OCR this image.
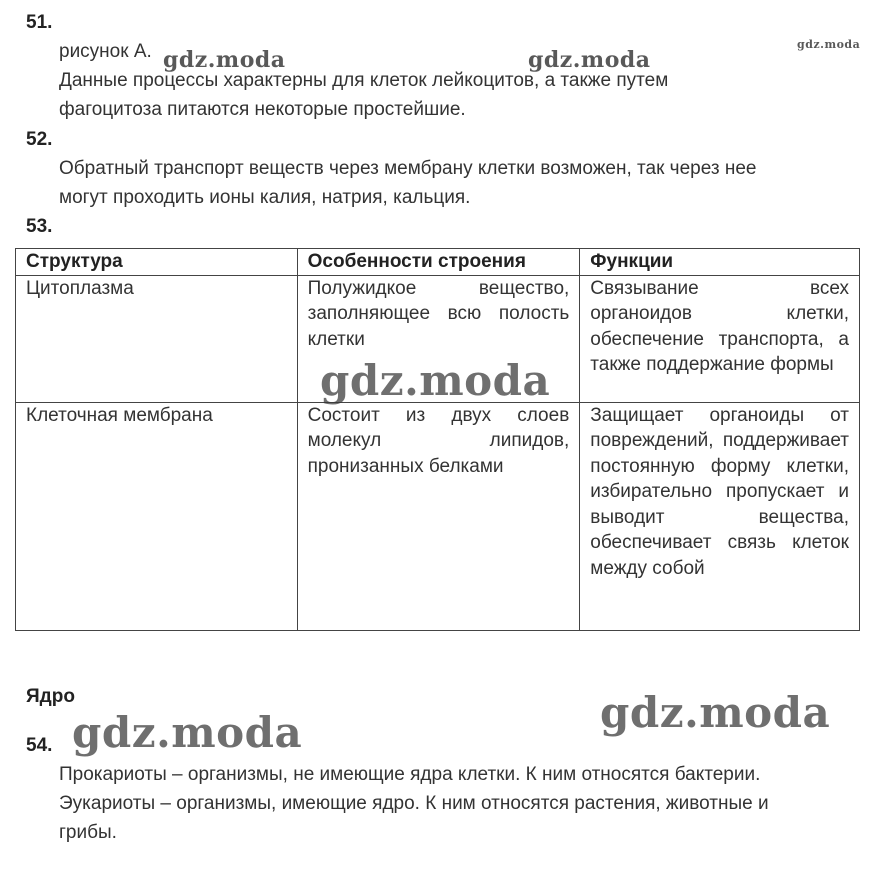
51.
рисунок А.
Данные процессы характерны для клеток лейкоцитов, а также путем
фагоцитоза питаются некоторые простейшие.
52.
Обратный транспорт веществ через мембрану клетки возможен, так через нее
могут проходить ионы калия, натрия, кальция.
53.
Структура	Особенности строения	Функции
Цитоплазма	Полужидкое вещество, заполняющее всю полость клетки	Связывание всех органоидов клетки, обеспечение транспорта, а также поддержание формы
Клеточная мембрана	Состоит из двух слоев молекул липидов, пронизанных белками	Защищает органоиды от повреждений, поддерживает постоянную форму клетки, избирательно пропускает и выводит вещества, обеспечивает связь клеток между собой
Ядро
54.
Прокариоты – организмы, не имеющие ядра клетки. К ним относятся бактерии.
Эукариоты – организмы, имеющие ядро. К ним относятся растения, животные и
грибы.
gdz.moda	gdz.moda
gdz.moda
gdz.moda
gdz.moda	gdz.moda
